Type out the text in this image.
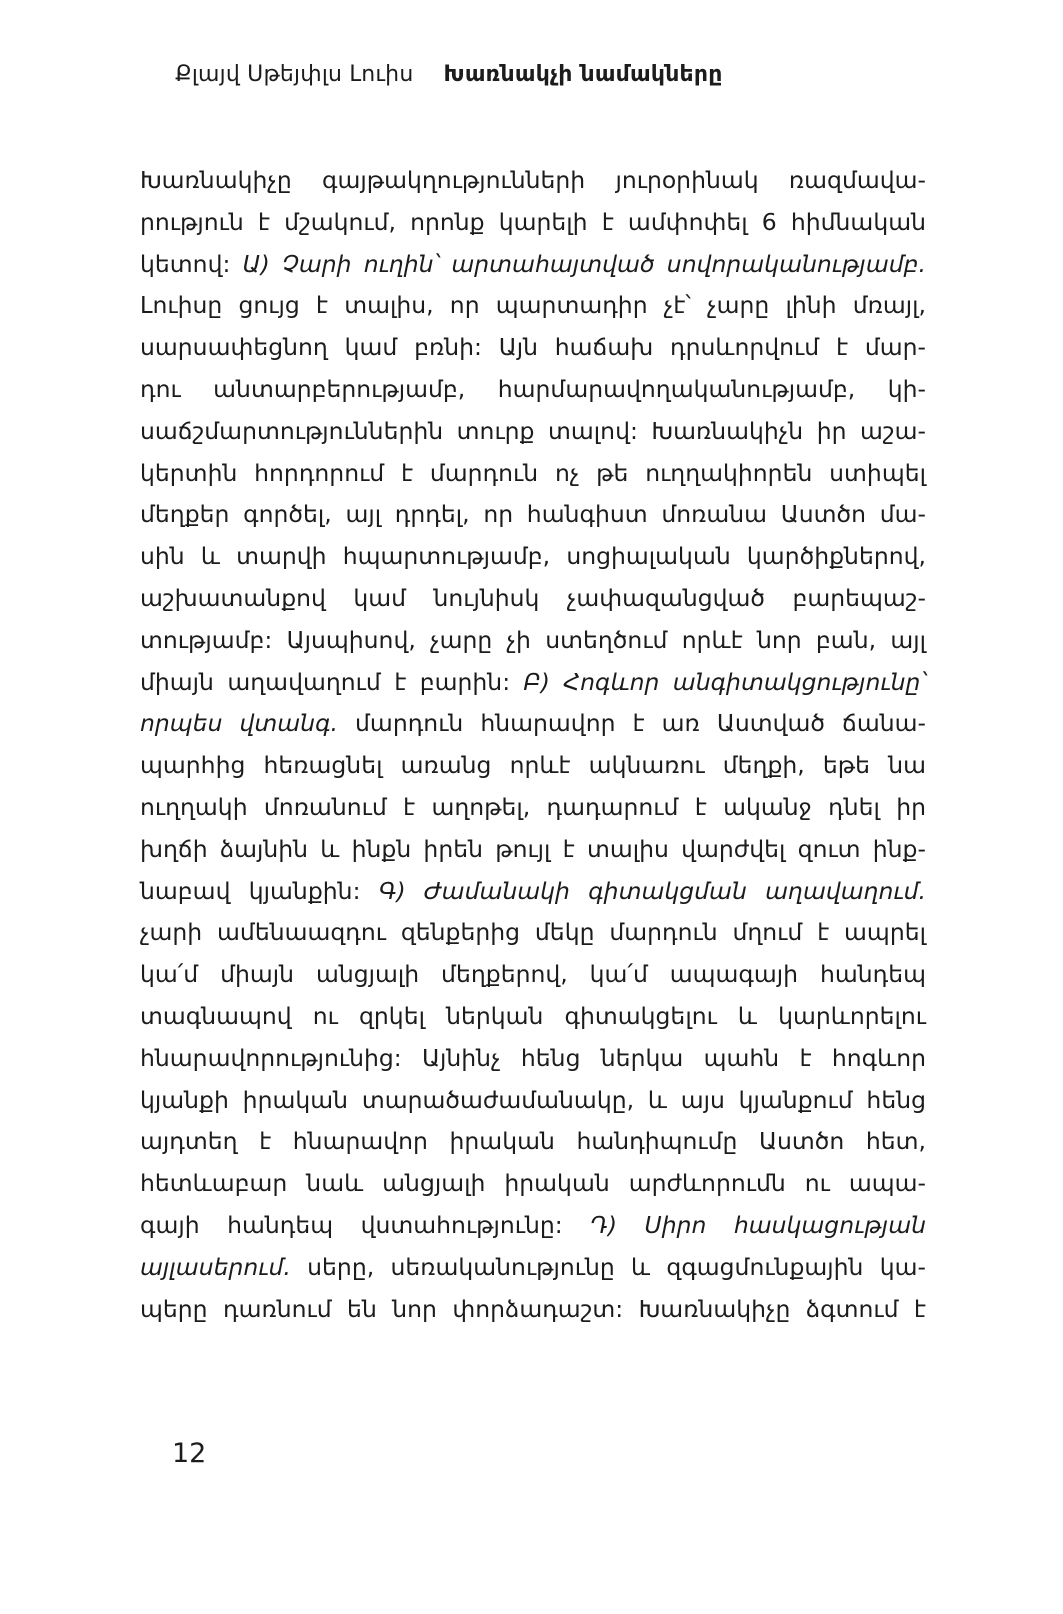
Քլայվ Սթեյփլս Լուիս Խառնակչի նամակները
Խառնակիչը գայթակղությունների յուրօրինակ ռազմավա-
րություն է մշակում, որոնք կարելի է ամփոփել 6 հիմնական
կետով: Ա) Չարի ուղին՝ արտահայտված սովորականությամբ.
Լուիսը ցույց է տալիս, որ պարտադիր չէ՝ չարը լինի մռայլ,
սարսափեցնող կամ բռնի: Այն հաճախ դրսևորվում է մար-
դու անտարբերությամբ, հարմարավողականությամբ, կի-
սաճշմարտություններին տուրք տալով: Խառնակիչն իր աշա-
կերտին հորդորում է մարդուն ոչ թե ուղղակիորեն ստիպել
մեղքեր գործել, այլ դրդել, որ հանգիստ մոռանա Աստծո մա-
սին և տարվի հպարտությամբ, սոցիալական կարծիքներով,
աշխատանքով կամ նույնիսկ չափազանցված բարեպաշ-
տությամբ: Այսպիսով, չարը չի ստեղծում որևէ նոր բան, այլ
միայն աղավաղում է բարին: Բ) Հոգևոր անգիտակցությունը՝
որպես վտանգ. մարդուն հնարավոր է առ Աստված ճանա-
պարհից հեռացնել առանց որևէ ակնառու մեղքի, եթե նա
ուղղակի մոռանում է աղոթել, դադարում է ականջ դնել իր
խղճի ձայնին և ինքն իրեն թույլ է տալիս վարժվել զուտ ինք-
նաբավ կյանքին: Գ) Ժամանակի գիտակցման աղավաղում.
չարի ամենաազդու զենքերից մեկը մարդուն մղում է ապրել
կա՛մ միայն անցյալի մեղքերով, կա՛մ ապագայի հանդեպ
տագնապով ու զրկել ներկան գիտակցելու և կարևորելու
հնարավորությունից: Այնինչ հենց ներկա պահն է հոգևոր
կյանքի իրական տարածաժամանակը, և այս կյանքում հենց
այդտեղ է հնարավոր իրական հանդիպումը Աստծո հետ,
հետևաբար նաև անցյալի իրական արժևորումն ու ապա-
գայի հանդեպ վստահությունը: Դ) Սիրո հասկացության
այլասերում. սերը, սեռականությունը և զգացմունքային կա-
պերը դառնում են նոր փորձադաշտ: Խառնակիչը ձգտում է
12
